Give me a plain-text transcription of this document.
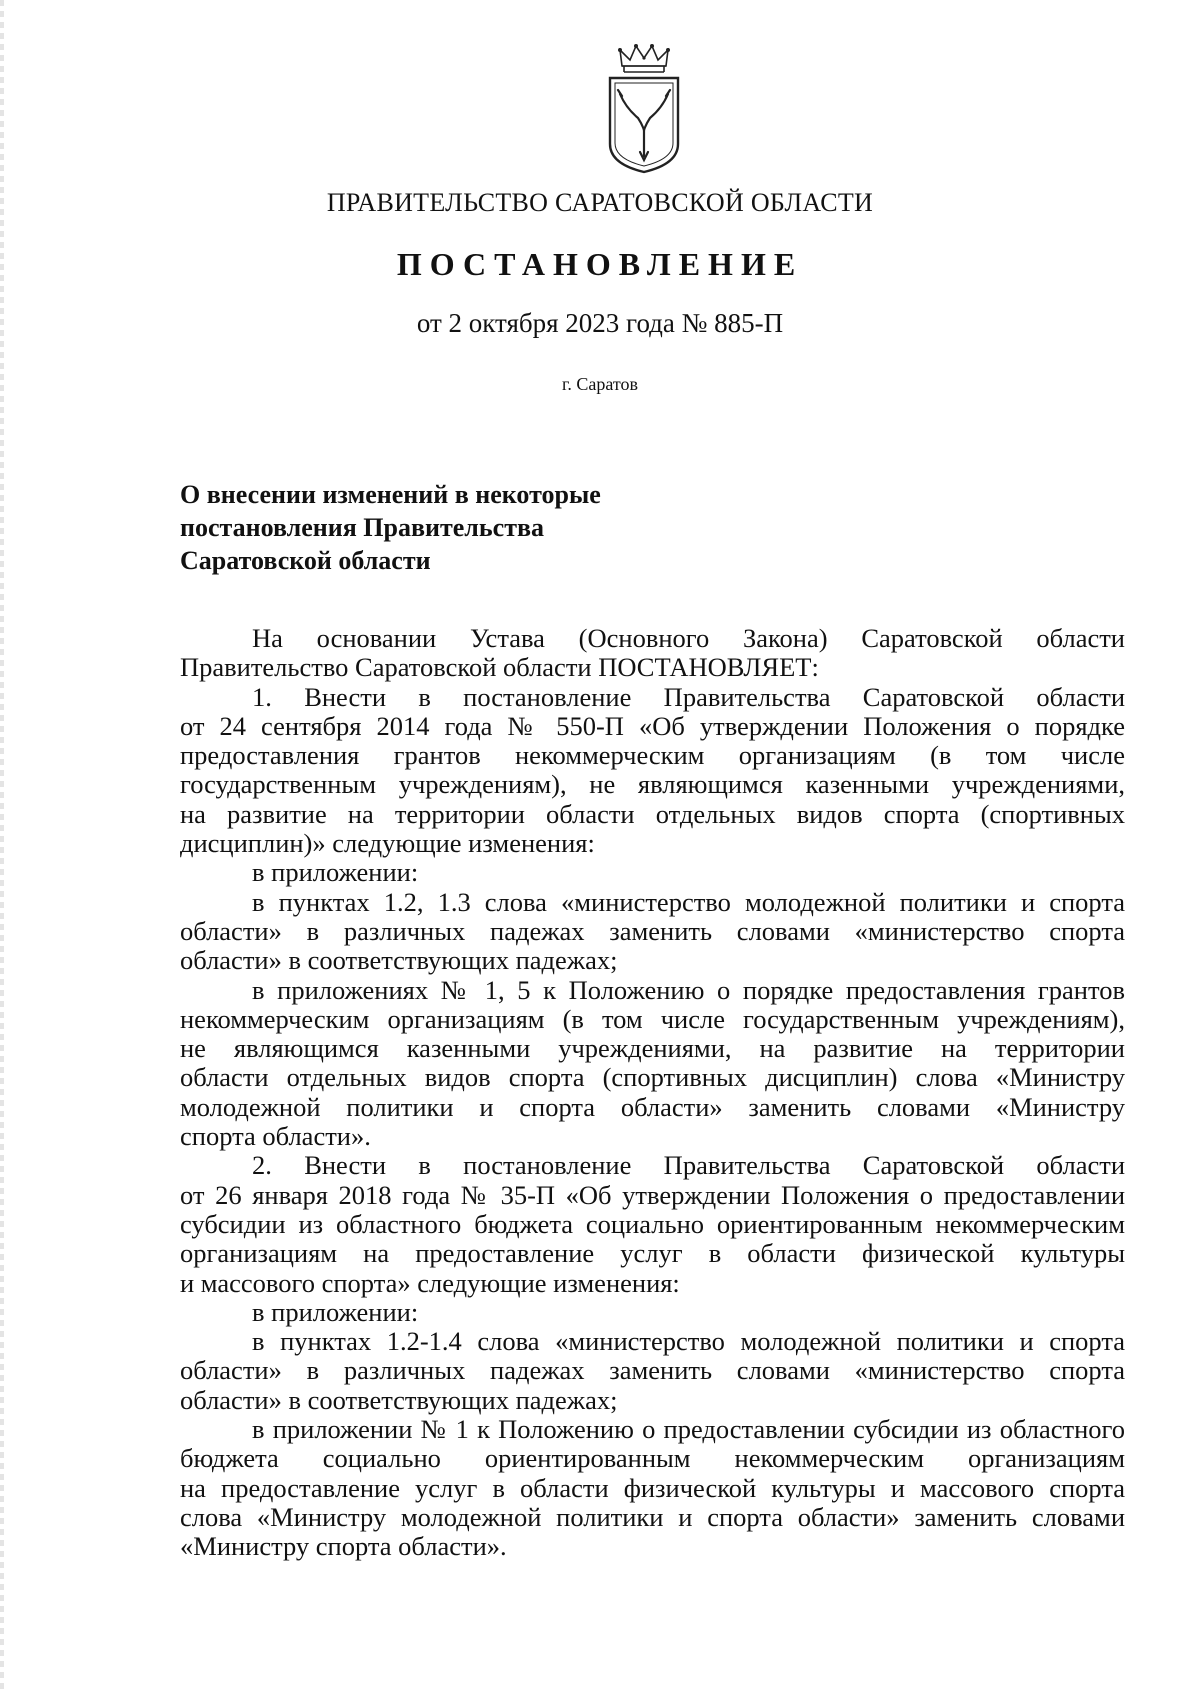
ПРАВИТЕЛЬСТВО САРАТОВСКОЙ ОБЛАСТИ
ПОСТАНОВЛЕНИЕ
от 2 октября 2023 года № 885-П
г. Саратов
О внесении изменений в некоторые
постановления Правительства
Саратовской области
На основании Устава (Основного Закона) Саратовской области
Правительство Саратовской области ПОСТАНОВЛЯЕТ:
1. Внести в постановление Правительства Саратовской области
от 24 сентября 2014 года № 550-П «Об утверждении Положения о порядке
предоставления грантов некоммерческим организациям (в том числе
государственным учреждениям), не являющимся казенными учреждениями,
на развитие на территории области отдельных видов спорта (спортивных
дисциплин)» следующие изменения:
в приложении:
в пунктах 1.2, 1.3 слова «министерство молодежной политики и спорта
области» в различных падежах заменить словами «министерство спорта
области» в соответствующих падежах;
в приложениях № 1, 5 к Положению о порядке предоставления грантов
некоммерческим организациям (в том числе государственным учреждениям),
не являющимся казенными учреждениями, на развитие на территории
области отдельных видов спорта (спортивных дисциплин) слова «Министру
молодежной политики и спорта области» заменить словами «Министру
спорта области».
2. Внести в постановление Правительства Саратовской области
от 26 января 2018 года № 35-П «Об утверждении Положения о предоставлении
субсидии из областного бюджета социально ориентированным некоммерческим
организациям на предоставление услуг в области физической культуры
и массового спорта» следующие изменения:
в приложении:
в пунктах 1.2-1.4 слова «министерство молодежной политики и спорта
области» в различных падежах заменить словами «министерство спорта
области» в соответствующих падежах;
в приложении № 1 к Положению о предоставлении субсидии из областного
бюджета социально ориентированным некоммерческим организациям
на предоставление услуг в области физической культуры и массового спорта
слова «Министру молодежной политики и спорта области» заменить словами
«Министру спорта области».
